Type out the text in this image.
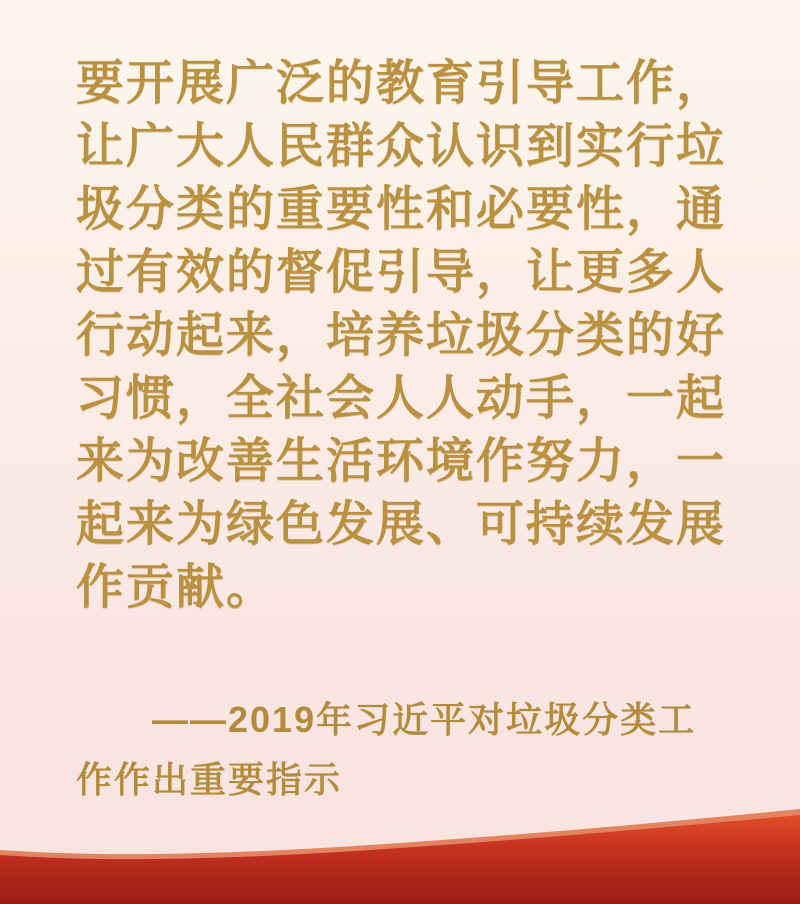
要开展广泛的教育引导工作，
让广大人民群众认识到实行垃
圾分类的重要性和必要性，通
过有效的督促引导，让更多人
行动起来，培养垃圾分类的好
习惯，全社会人人动手，一起
来为改善生活环境作努力，一
起来为绿色发展、可持续发展
作贡献。
——2019年习近平对垃圾分类工
作作出重要指示
